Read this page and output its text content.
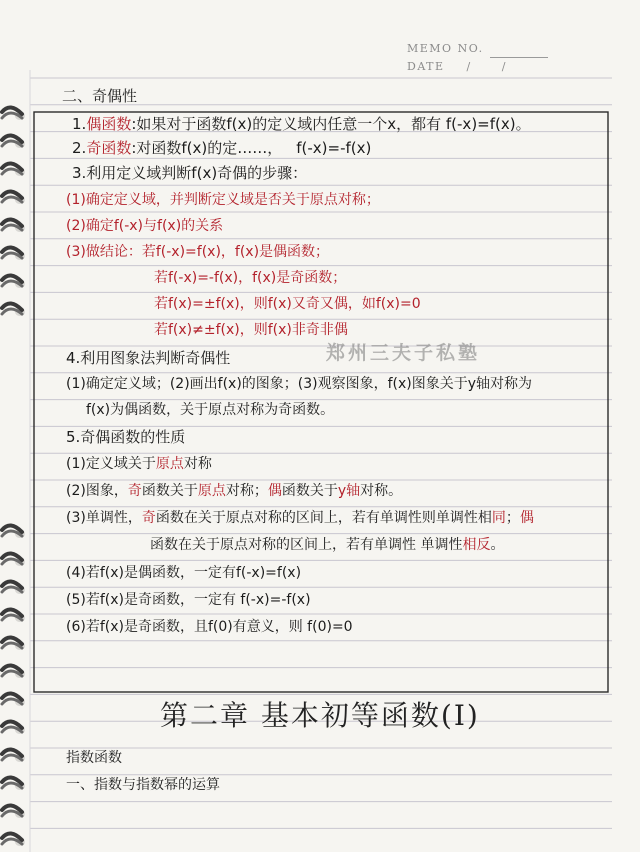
MEMO NO.
DATE /	/
二、奇偶性
1.偶函数:如果对于函数f(x)的定义域内任意一个x，都有 f(-x)=f(x)。
2.奇函数:对函数f(x)的定……， f(-x)=-f(x)
3.利用定义域判断f(x)奇偶的步骤：
(1)确定定义域，并判断定义域是否关于原点对称；
(2)确定f(-x)与f(x)的关系
(3)做结论：若f(-x)=f(x)，f(x)是偶函数；
若f(-x)=-f(x)，f(x)是奇函数；
若f(x)=±f(x)，则f(x)又奇又偶，如f(x)=0
若f(x)≠±f(x)，则f(x)非奇非偶
郑州三夫子私塾
4.利用图象法判断奇偶性
(1)确定定义域；(2)画出f(x)的图象；(3)观察图象，f(x)图象关于y轴对称为
f(x)为偶函数，关于原点对称为奇函数。
5.奇偶函数的性质
(1)定义域关于原点对称
(2)图象，奇函数关于原点对称；偶函数关于y轴对称。
(3)单调性，奇函数在关于原点对称的区间上，若有单调性则单调性相同；偶
函数在关于原点对称的区间上，若有单调性 单调性相反。
(4)若f(x)是偶函数，一定有f(-x)=f(x)
(5)若f(x)是奇函数，一定有 f(-x)=-f(x)
(6)若f(x)是奇函数，且f(0)有意义，则 f(0)=0
第二章 基本初等函数(I)
指数函数
一、指数与指数幂的运算
